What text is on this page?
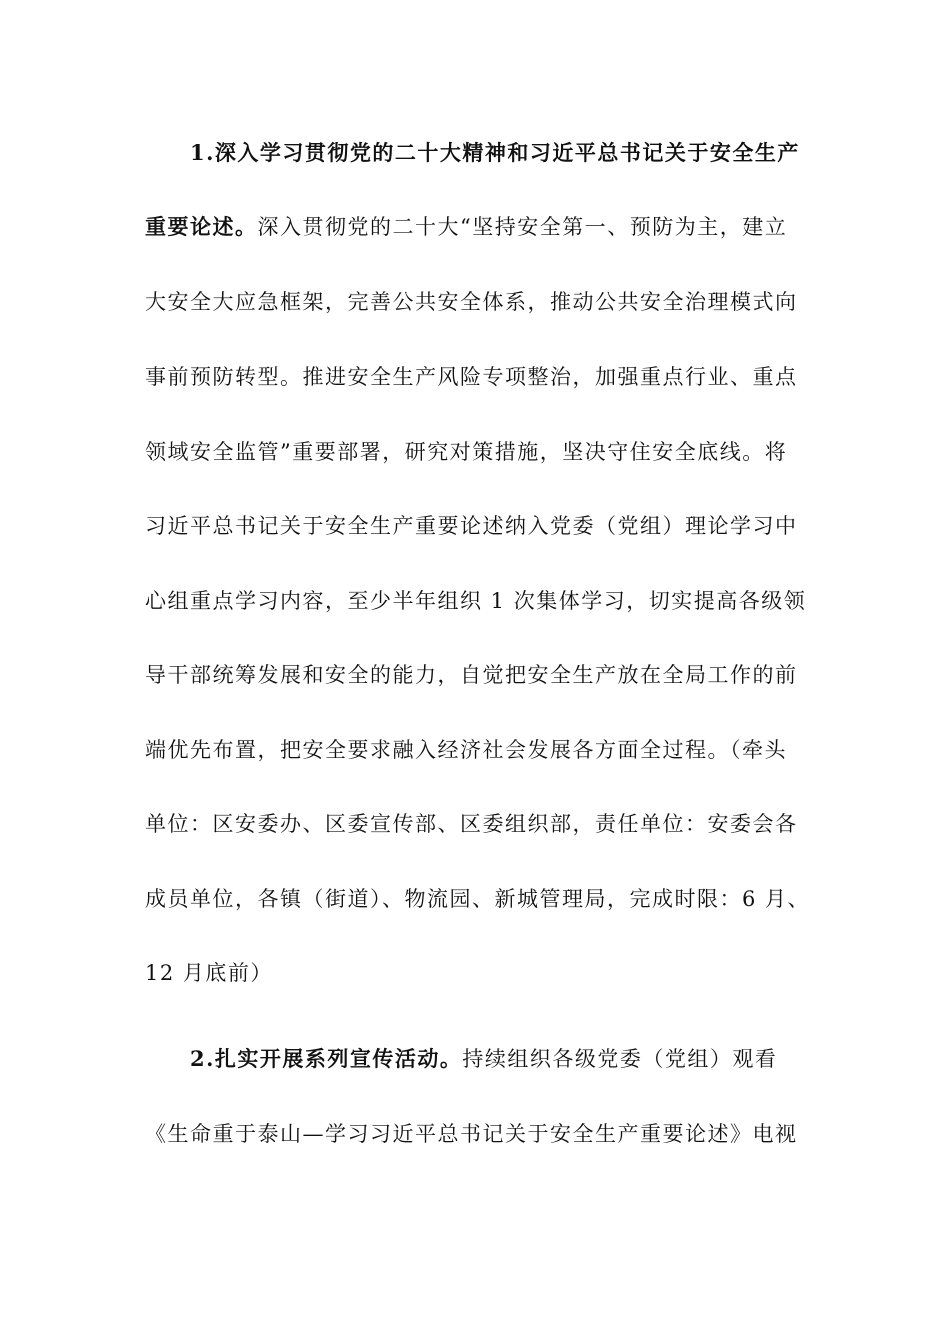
1.深入学习贯彻党的二十大精神和习近平总书记关于安全生产
重要论述。深入贯彻党的二十大“坚持安全第一、预防为主，建立
大安全大应急框架，完善公共安全体系，推动公共安全治理模式向
事前预防转型。推进安全生产风险专项整治，加强重点行业、重点
领域安全监管”重要部署，研究对策措施，坚决守住安全底线。将
习近平总书记关于安全生产重要论述纳入党委（党组）理论学习中
心组重点学习内容，至少半年组织 1 次集体学习，切实提高各级领
导干部统筹发展和安全的能力，自觉把安全生产放在全局工作的前
端优先布置，把安全要求融入经济社会发展各方面全过程。（牵头
单位：区安委办、区委宣传部、区委组织部，责任单位：安委会各
成员单位，各镇（街道）、物流园、新城管理局，完成时限：6 月、
12 月底前）
2.扎实开展系列宣传活动。持续组织各级党委（党组）观看
《生命重于泰山—学习习近平总书记关于安全生产重要论述》电视
